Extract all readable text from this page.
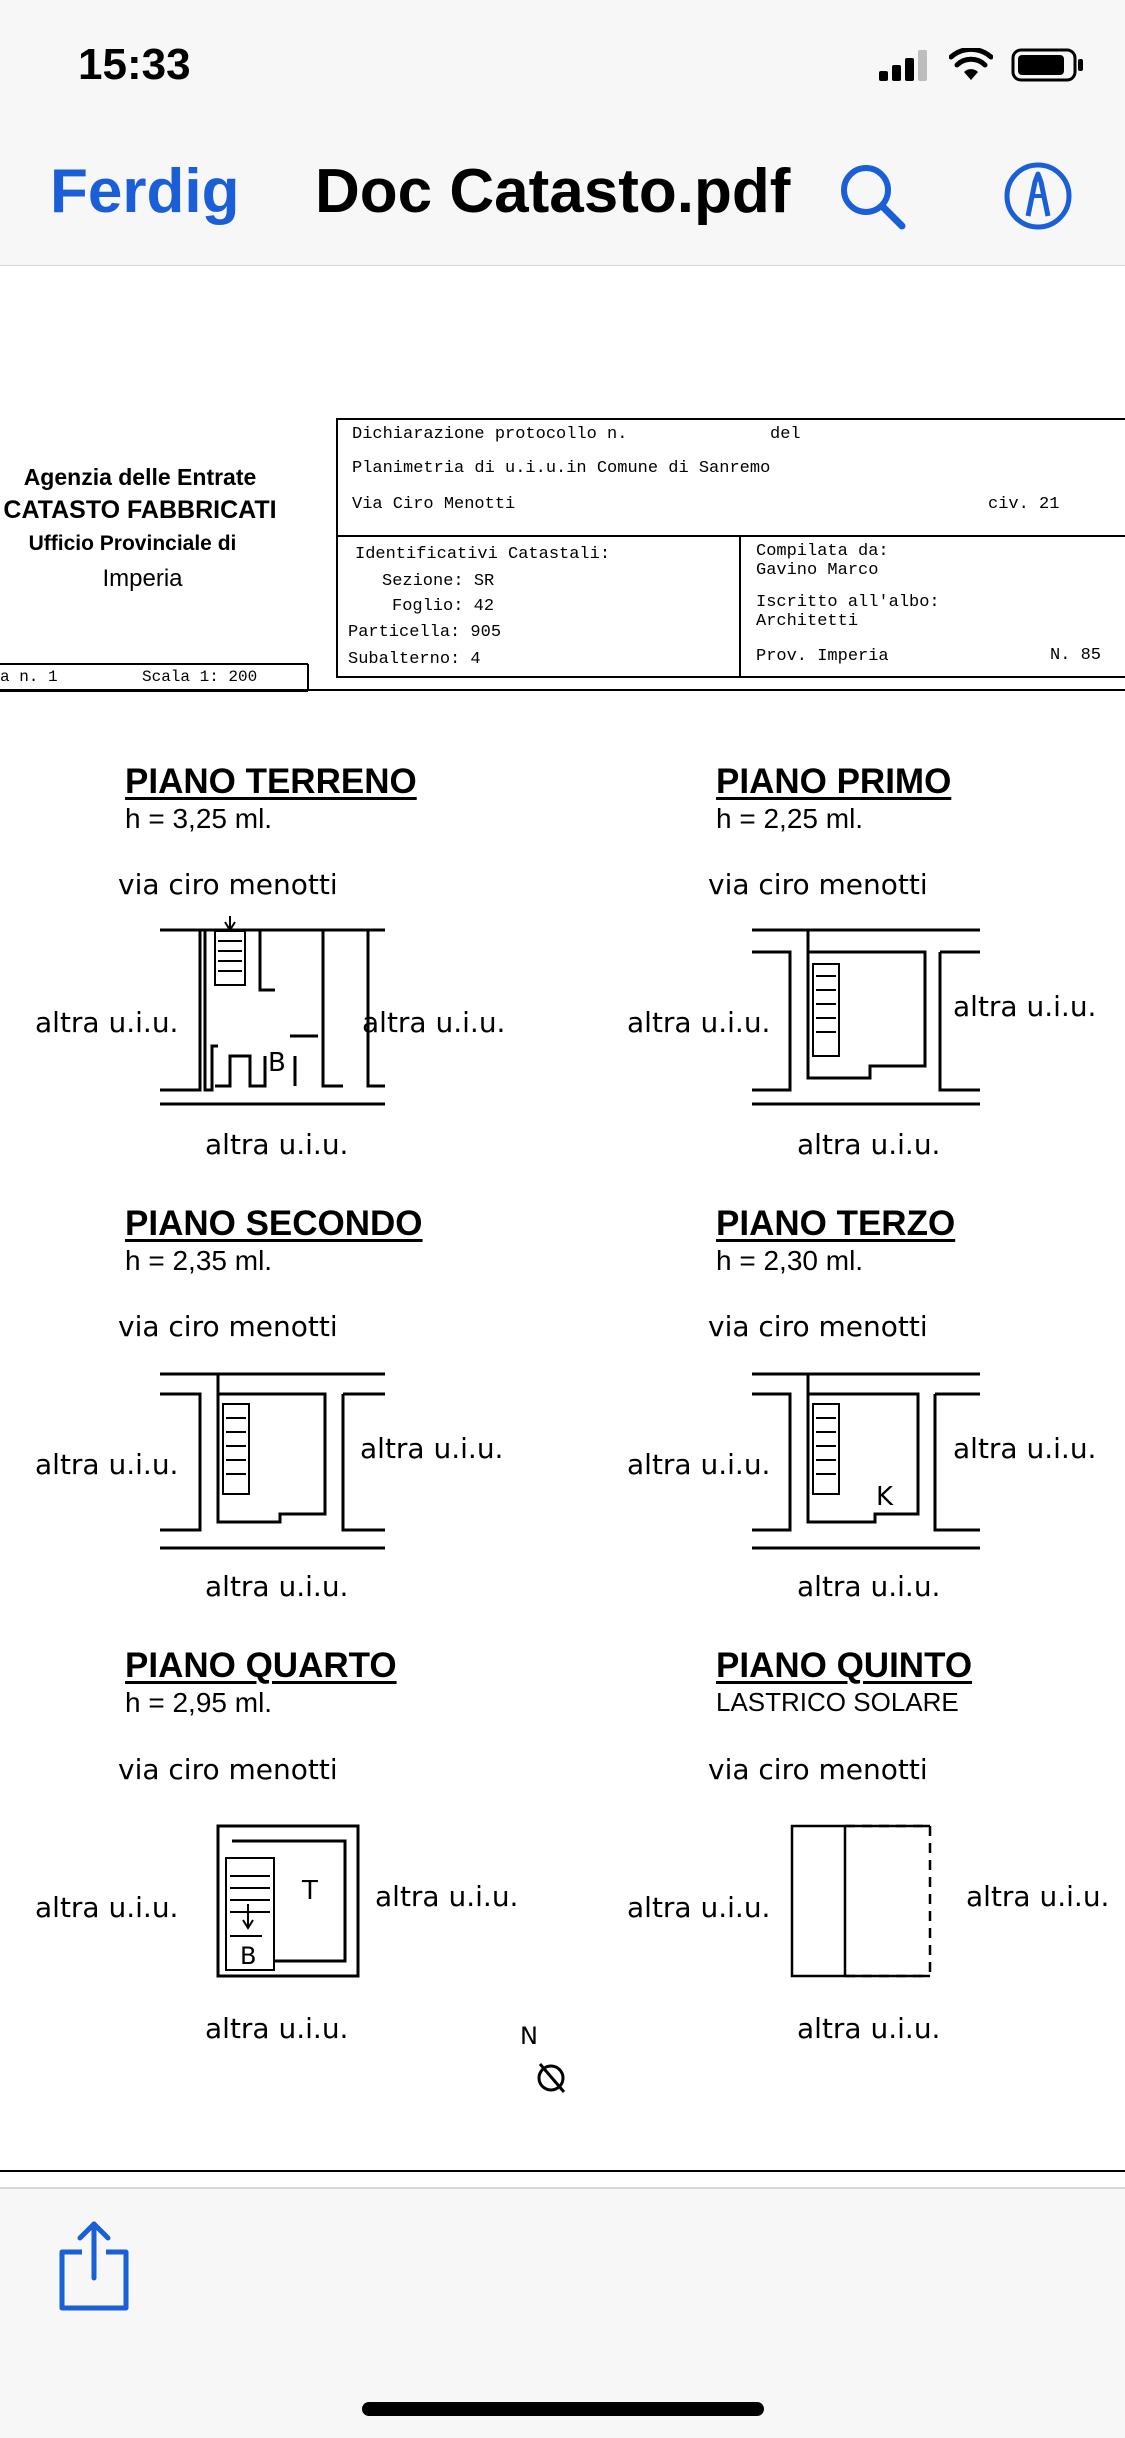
15:33
Ferdig Doc Catasto.pdf
Dichiarazione protocollo n.	del
Planimetria di u.i.u.in Comune di Sanremo
Via Ciro Menotti	civ. 21
Identificativi Catastali:
Sezione: SR
Foglio: 42
Particella: 905
Subalterno: 4
Compilata da:
Gavino Marco
Iscritto all'albo:
Architetti
Prov. Imperia	N. 85
Agenzia delle Entrate
CATASTO FABBRICATI
Ufficio Provinciale di
Imperia
a n. 1	Scala 1: 200
PIANO TERRENO
h = 3,25 ml.
via ciro menotti
altra u.i.u.	altra u.i.u.
altra u.i.u.
B
PIANO PRIMO
h = 2,25 ml.
via ciro menotti
altra u.i.u.	altra u.i.u.
altra u.i.u.
PIANO SECONDO
h = 2,35 ml.
via ciro menotti
altra u.i.u.	altra u.i.u.
altra u.i.u.
PIANO TERZO
h = 2,30 ml.
via ciro menotti
altra u.i.u.	altra u.i.u.
altra u.i.u.
K
PIANO QUARTO
h = 2,95 ml.
via ciro menotti
altra u.i.u.	altra u.i.u.
altra u.i.u.
T
B
PIANO QUINTO
LASTRICO SOLARE
via ciro menotti
altra u.i.u.	altra u.i.u.
altra u.i.u.
N
